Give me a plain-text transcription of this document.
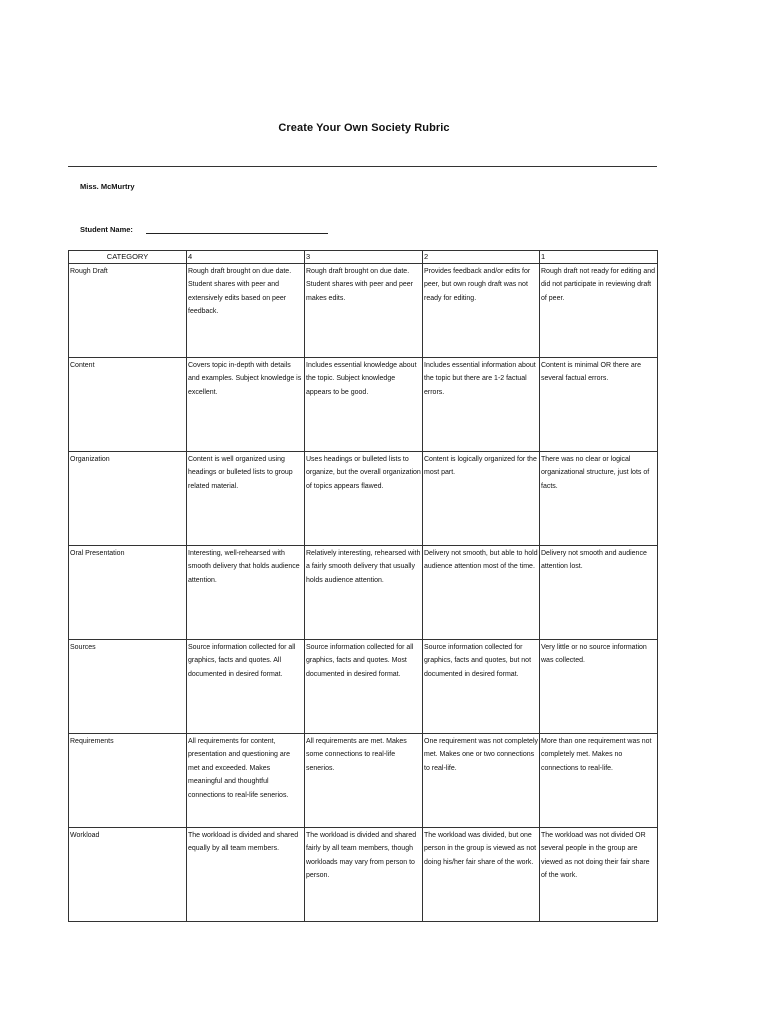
Create Your Own Society Rubric
Miss. McMurtry
Student Name:
CATEGORY	4	3	2	1
Rough Draft	Rough draft brought on due date. Student shares with peer and extensively edits based on peer feedback.	Rough draft brought on due date. Student shares with peer and peer makes edits.	Provides feedback and/or edits for peer, but own rough draft was not ready for editing.	Rough draft not ready for editing and did not participate in reviewing draft of peer.
Content	Covers topic in-depth with details and examples. Subject knowledge is excellent.	Includes essential knowledge about the topic. Subject knowledge appears to be good.	Includes essential information about the topic but there are 1-2 factual errors.	Content is minimal OR there are several factual errors.
Organization	Content is well organized using headings or bulleted lists to group related material.	Uses headings or bulleted lists to organize, but the overall organization of topics appears flawed.	Content is logically organized for the most part.	There was no clear or logical organizational structure, just lots of facts.
Oral Presentation	Interesting, well-rehearsed with smooth delivery that holds audience attention.	Relatively interesting, rehearsed with a fairly smooth delivery that usually holds audience attention.	Delivery not smooth, but able to hold audience attention most of the time.	Delivery not smooth and audience attention lost.
Sources	Source information collected for all graphics, facts and quotes. All documented in desired format.	Source information collected for all graphics, facts and quotes. Most documented in desired format.	Source information collected for graphics, facts and quotes, but not documented in desired format.	Very little or no source information was collected.
Requirements	All requirements for content, presentation and questioning are met and exceeded. Makes meaningful and thoughtful connections to real-life senerios.	All requirements are met. Makes some connections to real-life senerios.	One requirement was not completely met. Makes one or two connections to real-life.	More than one requirement was not completely met. Makes no connections to real-life.
Workload	The workload is divided and shared equally by all team members.	The workload is divided and shared fairly by all team members, though workloads may vary from person to person.	The workload was divided, but one person in the group is viewed as not doing his/her fair share of the work.	The workload was not divided OR several people in the group are viewed as not doing their fair share of the work.
